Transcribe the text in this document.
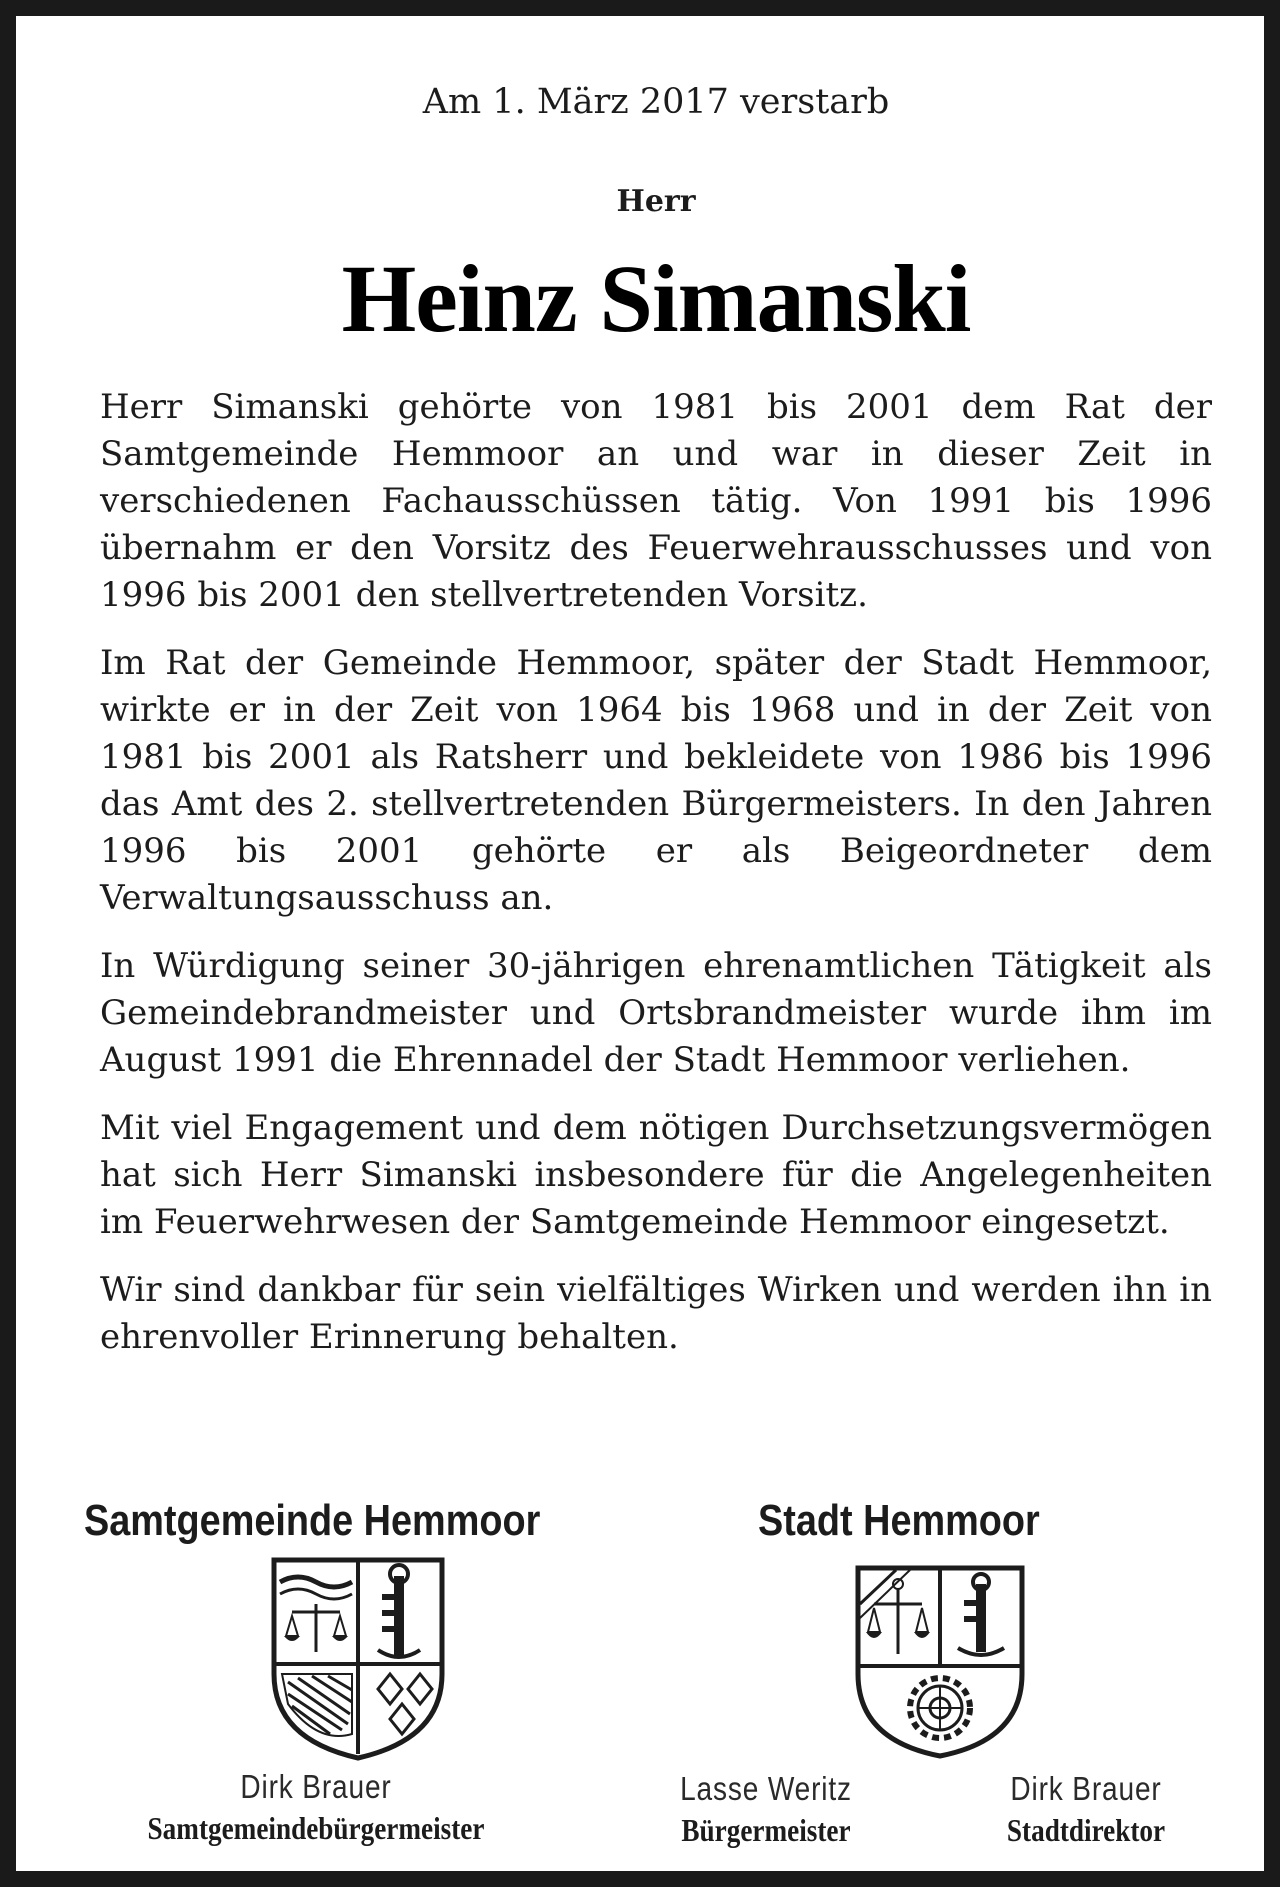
Am 1. März 2017 verstarb
Herr
Heinz Simanski

Herr Simanski gehörte von 1981 bis 2001 dem Rat der Samtgemeinde Hemmoor an und war in dieser Zeit in verschiedenen Fachausschüssen tätig. Von 1991 bis 1996 übernahm er den Vorsitz des Feuerwehrausschusses und von 1996 bis 2001 den stellvertretenden Vorsitz.

Im Rat der Gemeinde Hemmoor, später der Stadt Hemmoor, wirkte er in der Zeit von 1964 bis 1968 und in der Zeit von 1981 bis 2001 als Ratsherr und bekleidete von 1986 bis 1996 das Amt des 2. stellvertretenden Bürgermeisters. In den Jahren 1996 bis 2001 gehörte er als Beigeordneter dem Verwaltungsausschuss an.

In Würdigung seiner 30-jährigen ehrenamtlichen Tätigkeit als Gemeindebrandmeister und Ortsbrandmeister wurde ihm im August 1991 die Ehrennadel der Stadt Hemmoor verliehen.

Mit viel Engagement und dem nötigen Durchsetzungsvermögen hat sich Herr Simanski insbesondere für die Angelegenheiten im Feuerwehrwesen der Samtgemeinde Hemmoor eingesetzt.

Wir sind dankbar für sein vielfältiges Wirken und werden ihn in ehrenvoller Erinnerung behalten.

Samtgemeinde Hemmoor	Stadt Hemmoor
Dirk Brauer
Samtgemeindebürgermeister
Lasse Weritz
Bürgermeister
Dirk Brauer
Stadtdirektor
